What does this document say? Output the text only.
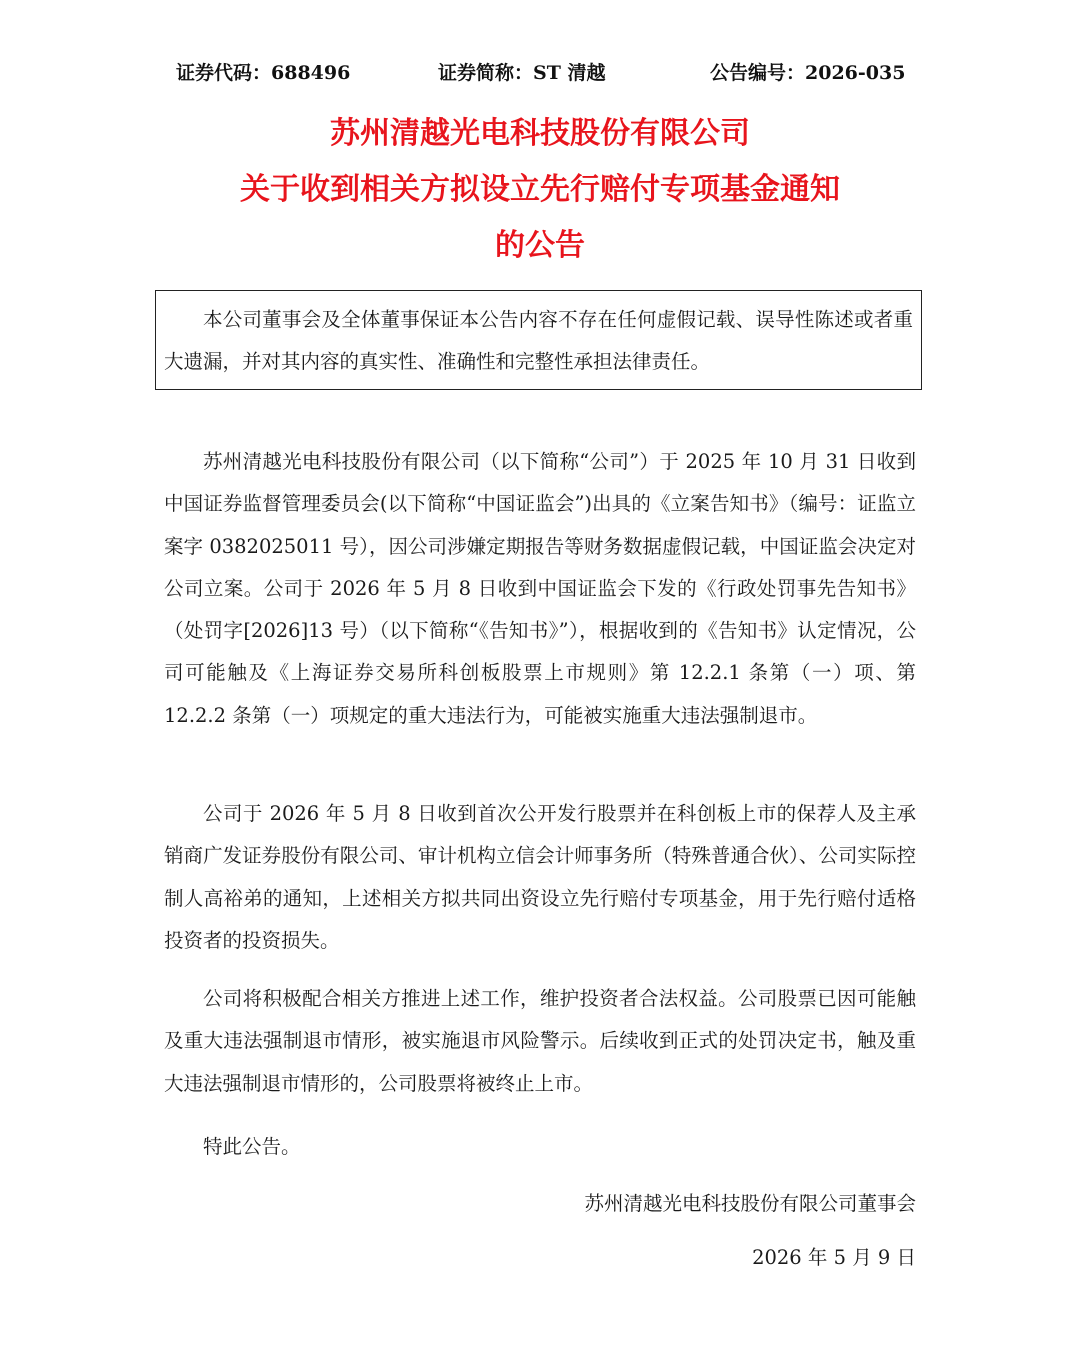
证券代码：688496	证券简称：ST 清越	公告编号：2026-035
苏州清越光电科技股份有限公司
关于收到相关方拟设立先行赔付专项基金通知
的公告
本公司董事会及全体董事保证本公告内容不存在任何虚假记载、误导性陈述或者重大遗漏，并对其内容的真实性、准确性和完整性承担法律责任。
苏州清越光电科技股份有限公司（以下简称“公司”）于 2025 年 10 月 31 日收到中国证券监督管理委员会(以下简称“中国证监会”)出具的《立案告知书》（编号：证监立案字 0382025011 号），因公司涉嫌定期报告等财务数据虚假记载，中国证监会决定对公司立案。公司于 2026 年 5 月 8 日收到中国证监会下发的《行政处罚事先告知书》（处罚字[2026]13 号）（以下简称“《告知书》”），根据收到的《告知书》认定情况，公司可能触及《上海证券交易所科创板股票上市规则》第 12.2.1 条第（一）项、第 12.2.2 条第（一）项规定的重大违法行为，可能被实施重大违法强制退市。
公司于 2026 年 5 月 8 日收到首次公开发行股票并在科创板上市的保荐人及主承销商广发证券股份有限公司、审计机构立信会计师事务所（特殊普通合伙）、公司实际控制人高裕弟的通知，上述相关方拟共同出资设立先行赔付专项基金，用于先行赔付适格投资者的投资损失。
公司将积极配合相关方推进上述工作，维护投资者合法权益。公司股票已因可能触及重大违法强制退市情形，被实施退市风险警示。后续收到正式的处罚决定书，触及重大违法强制退市情形的，公司股票将被终止上市。
特此公告。
苏州清越光电科技股份有限公司董事会
2026 年 5 月 9 日
